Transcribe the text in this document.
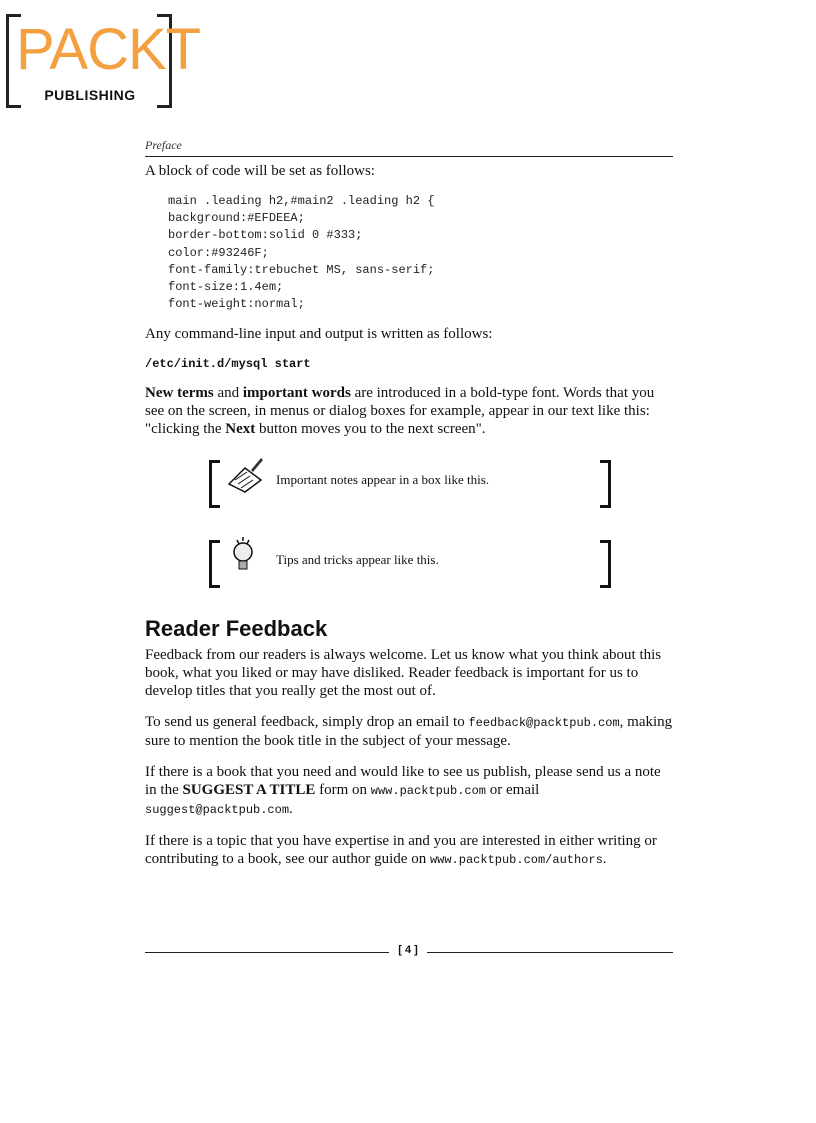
PACKT
PUBLISHING
Preface

A block of code will be set as follows:

main .leading h2,#main2 .leading h2 {
background:#EFDEEA;
border-bottom:solid 0 #333;
color:#93246F;
font-family:trebuchet MS, sans-serif;
font-size:1.4em;
font-weight:normal;

Any command-line input and output is written as follows:

/etc/init.d/mysql start

New terms and important words are introduced in a bold-type font. Words that you see on the screen, in menus or dialog boxes for example, appear in our text like this: "clicking the Next button moves you to the next screen".

Important notes appear in a box like this.
Tips and tricks appear like this.
Reader Feedback

Feedback from our readers is always welcome. Let us know what you think about this book, what you liked or may have disliked. Reader feedback is important for us to develop titles that you really get the most out of.

To send us general feedback, simply drop an email to feedback@packtpub.com, making sure to mention the book title in the subject of your message.

If there is a book that you need and would like to see us publish, please send us a note in the SUGGEST A TITLE form on www.packtpub.com or email suggest@packtpub.com.

If there is a topic that you have expertise in and you are interested in either writing or contributing to a book, see our author guide on www.packtpub.com/authors.

[ 4 ]
